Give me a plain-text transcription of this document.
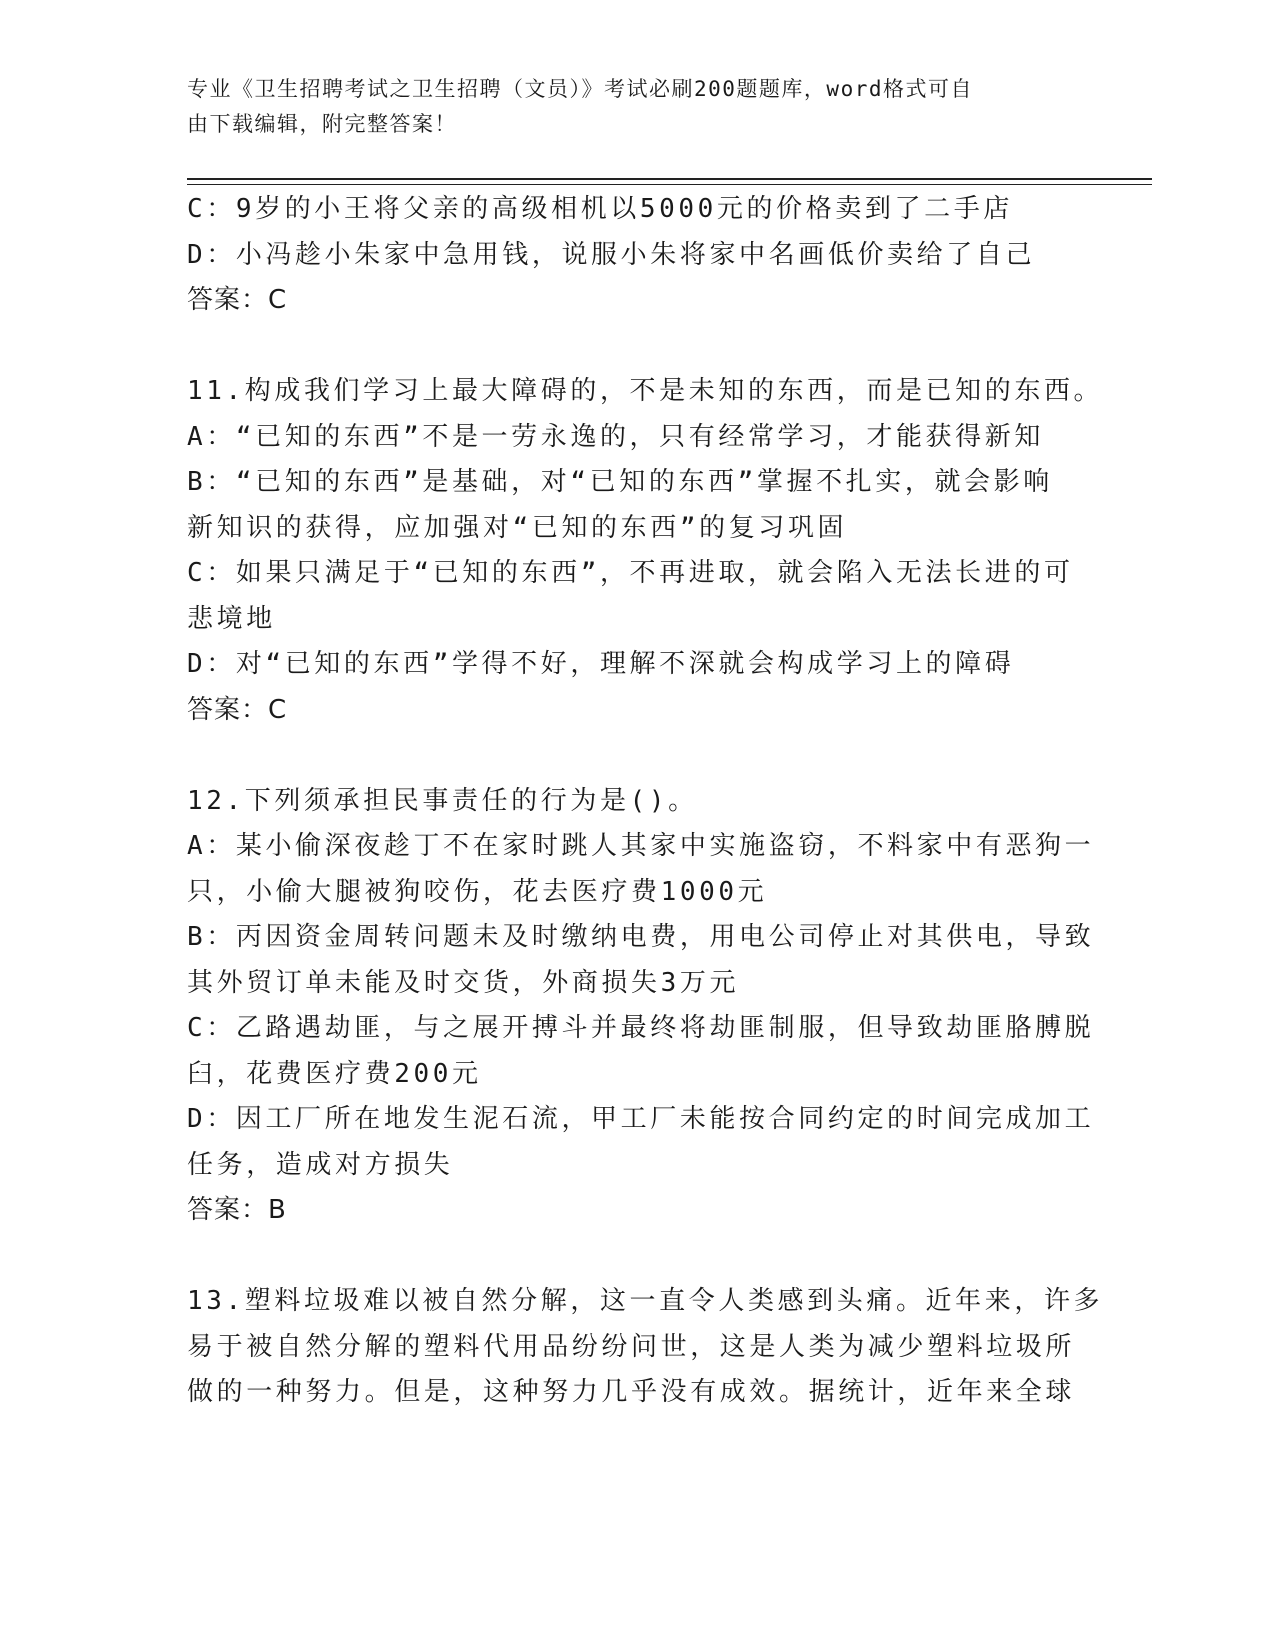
专业《卫生招聘考试之卫生招聘（文员）》考试必刷200题题库，word格式可自
由下载编辑，附完整答案！
C：9岁的小王将父亲的高级相机以5000元的价格卖到了二手店
D：小冯趁小朱家中急用钱，说服小朱将家中名画低价卖给了自己
答案：C
11.构成我们学习上最大障碍的，不是未知的东西，而是已知的东西。
A：“已知的东西”不是一劳永逸的，只有经常学习，才能获得新知
B：“已知的东西”是基础，对“已知的东西”掌握不扎实，就会影响
新知识的获得，应加强对“已知的东西”的复习巩固
C：如果只满足于“已知的东西”，不再进取，就会陷入无法长进的可
悲境地
D：对“已知的东西”学得不好，理解不深就会构成学习上的障碍
答案：C
12.下列须承担民事责任的行为是()。
A：某小偷深夜趁丁不在家时跳人其家中实施盗窃，不料家中有恶狗一
只，小偷大腿被狗咬伤，花去医疗费1000元
B：丙因资金周转问题未及时缴纳电费，用电公司停止对其供电，导致
其外贸订单未能及时交货，外商损失3万元
C：乙路遇劫匪，与之展开搏斗并最终将劫匪制服，但导致劫匪胳膊脱
臼，花费医疗费200元
D：因工厂所在地发生泥石流，甲工厂未能按合同约定的时间完成加工
任务，造成对方损失
答案：B
13.塑料垃圾难以被自然分解，这一直令人类感到头痛。近年来，许多
易于被自然分解的塑料代用品纷纷问世，这是人类为减少塑料垃圾所
做的一种努力。但是，这种努力几乎没有成效。据统计，近年来全球
